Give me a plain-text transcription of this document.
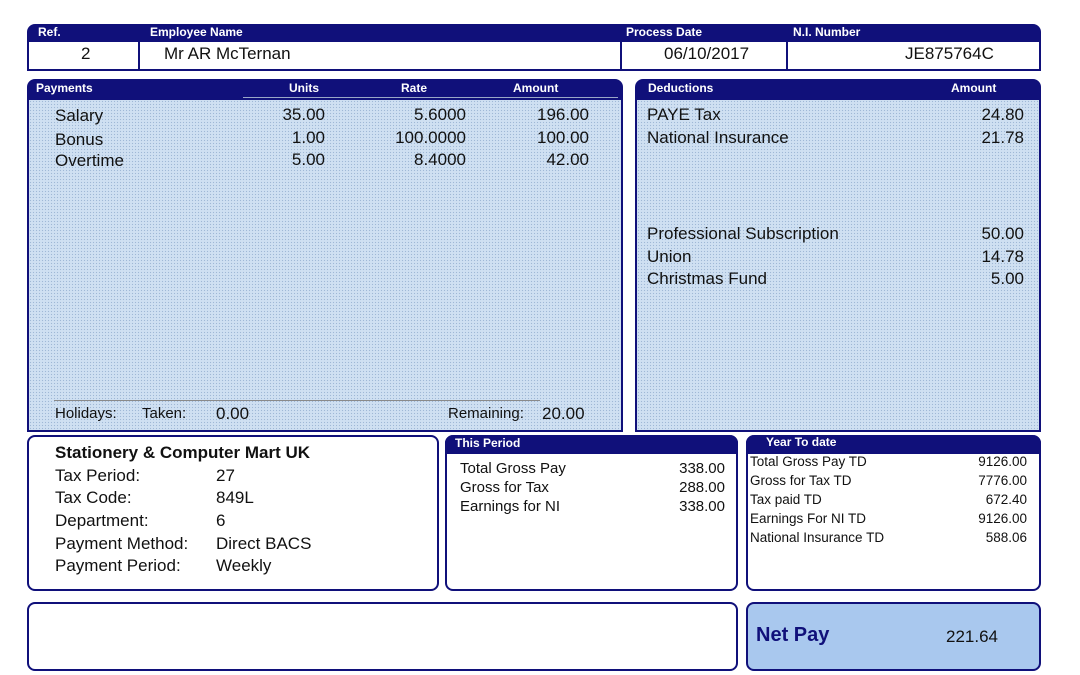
Ref.	Employee Name	Process Date	N.I. Number
2	Mr AR McTernan	06/10/2017	JE875764C
Payments	Units	Rate	Amount
Salary	35.00	5.6000	196.00
Bonus	1.00	100.0000	100.00
Overtime	5.00	8.4000	42.00
Holidays: Taken: 0.00	Remaining: 20.00
Deductions	Amount
PAYE Tax	24.80
National Insurance	21.78
Professional Subscription	50.00
Union	14.78
Christmas Fund	5.00
Stationery & Computer Mart UK
Tax Period:	27
Tax Code:	849L
Department:	6
Payment Method: Direct BACS
Payment Period: Weekly
This Period
Total Gross Pay	338.00
Gross for Tax	288.00
Earnings for NI	338.00
Year To date
Total Gross Pay TD	9126.00
Gross for Tax TD	7776.00
Tax paid TD	672.40
Earnings For NI TD	9126.00
National Insurance TD	588.06
Net Pay	221.64
